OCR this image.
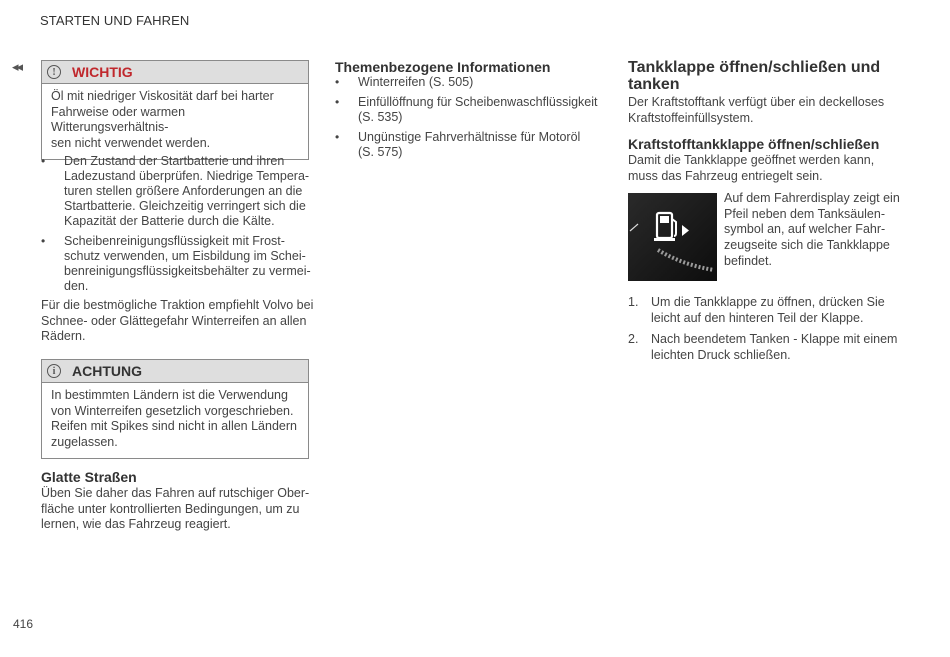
STARTEN UND FAHREN
◂◂	!	WICHTIG
Öl mit niedriger Viskosität darf bei harter
Fahrweise oder warmen Witterungsverhältnis-
sen nicht verwendet werden.
• Den Zustand der Startbatterie und ihren
Ladezustand überprüfen. Niedrige Tempera-
turen stellen größere Anforderungen an die
Startbatterie. Gleichzeitig verringert sich die
Kapazität der Batterie durch die Kälte.
• Scheibenreinigungsflüssigkeit mit Frost-
schutz verwenden, um Eisbildung im Schei-
benreinigungsflüssigkeitsbehälter zu vermei-
den.
Für die bestmögliche Traktion empfiehlt Volvo bei
Schnee- oder Glättegefahr Winterreifen an allen
Rädern.
i	ACHTUNG
In bestimmten Ländern ist die Verwendung
von Winterreifen gesetzlich vorgeschrieben.
Reifen mit Spikes sind nicht in allen Ländern
zugelassen.
Glatte Straßen
Üben Sie daher das Fahren auf rutschiger Ober-
fläche unter kontrollierten Bedingungen, um zu
lernen, wie das Fahrzeug reagiert.
Themenbezogene Informationen
• Winterreifen (S. 505)
• Einfüllöffnung für Scheibenwaschflüssigkeit
(S. 535)
• Ungünstige Fahrverhältnisse für Motoröl
(S. 575)
Tankklappe öffnen/schließen und
tanken
Der Kraftstofftank verfügt über ein deckelloses
Kraftstoffeinfüllsystem.
Kraftstofftankklappe öffnen/schließen
Damit die Tankklappe geöffnet werden kann,
muss das Fahrzeug entriegelt sein.
Auf dem Fahrerdisplay zeigt ein
Pfeil neben dem Tanksäulen-
symbol an, auf welcher Fahr-
zeugseite sich die Tankklappe
befindet.
1. Um die Tankklappe zu öffnen, drücken Sie
leicht auf den hinteren Teil der Klappe.
2. Nach beendetem Tanken - Klappe mit einem
leichten Druck schließen.
416
